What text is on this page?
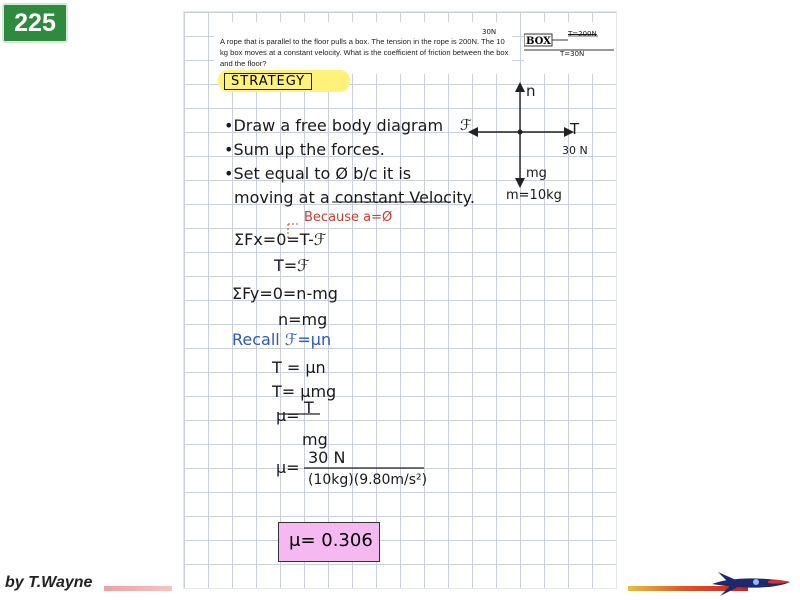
225
A rope that is parallel to the floor pulls a box. The tension in the rope is 200N. The 10 kg box moves at a constant velocity. What is the coefficient of friction between the box and the floor?
30N
BOX
T=200N
T=30N
STRATEGY
•Draw a free body diagram
•Sum up the forces.
•Set equal to Ø b/c it is
moving at a constant Velocity.
n
ℱ	T
30 N
mg
m=10kg
Because a=Ø
ΣFx=0=T-ℱ
T=ℱ
ΣFy=0=n-mg
n=mg
Recall ℱ=μn
T = μn
T= μmg
μ= T
mg
μ=
30 N
(10kg)(9.80m/s²)
μ= 0.306
by T.Wayne
